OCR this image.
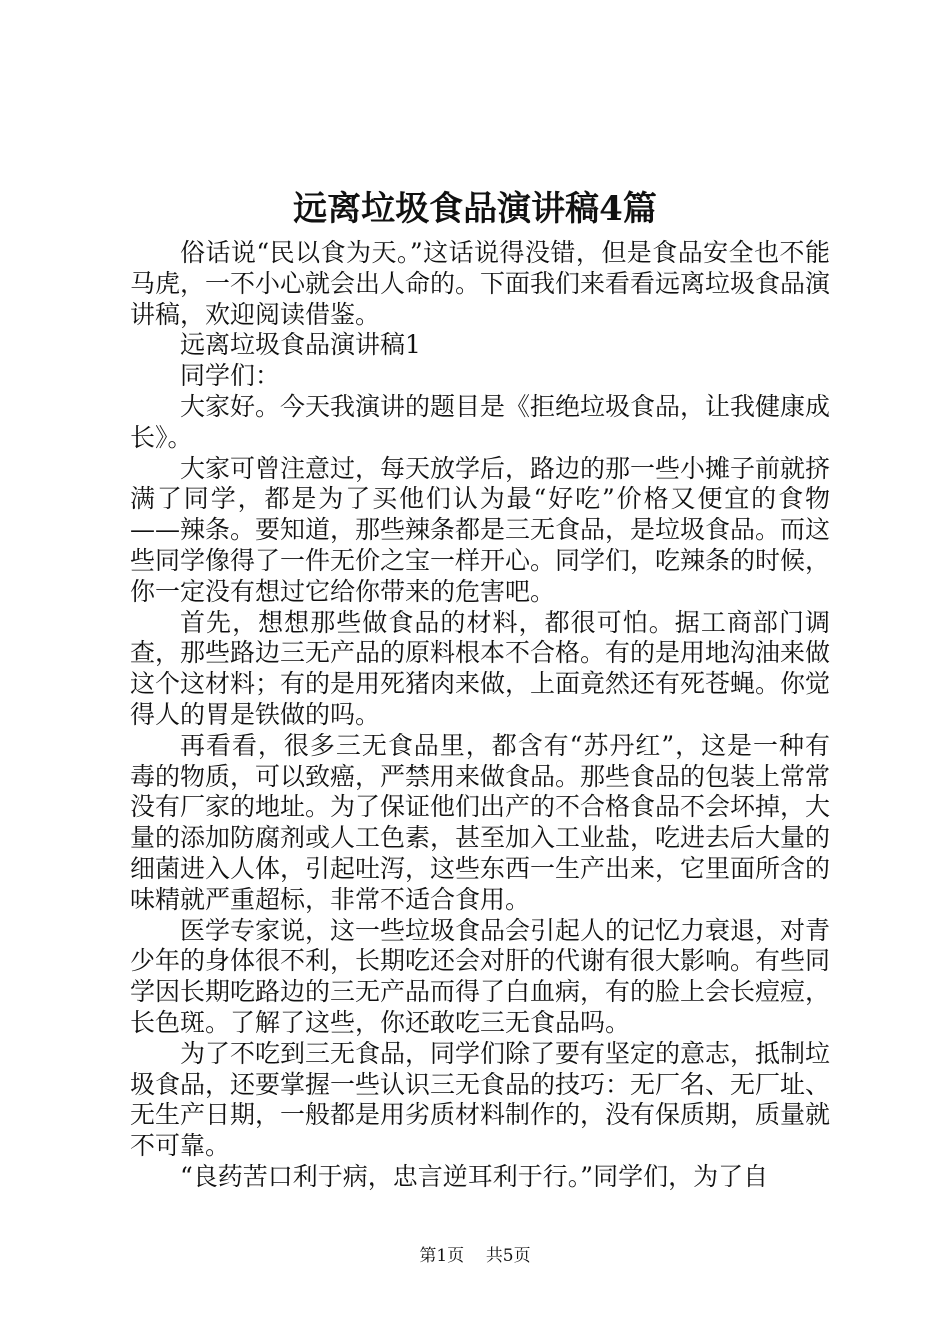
远离垃圾食品演讲稿4篇

俗话说“民以食为天。”这话说得没错，但是食品安全也不能马虎，一不小心就会出人命的。下面我们来看看远离垃圾食品演讲稿，欢迎阅读借鉴。

远离垃圾食品演讲稿1

同学们：

大家好。今天我演讲的题目是《拒绝垃圾食品，让我健康成长》。

大家可曾注意过，每天放学后，路边的那一些小摊子前就挤满了同学，都是为了买他们认为最“好吃”价格又便宜的食物——辣条。要知道，那些辣条都是三无食品，是垃圾食品。而这些同学像得了一件无价之宝一样开心。同学们，吃辣条的时候，你一定没有想过它给你带来的危害吧。

首先，想想那些做食品的材料，都很可怕。据工商部门调查，那些路边三无产品的原料根本不合格。有的是用地沟油来做这个这材料；有的是用死猪肉来做，上面竟然还有死苍蝇。你觉得人的胃是铁做的吗。

再看看，很多三无食品里，都含有“苏丹红”，这是一种有毒的物质，可以致癌，严禁用来做食品。那些食品的包装上常常没有厂家的地址。为了保证他们出产的不合格食品不会坏掉，大量的添加防腐剂或人工色素，甚至加入工业盐，吃进去后大量的细菌进入人体，引起吐泻，这些东西一生产出来，它里面所含的味精就严重超标，非常不适合食用。

医学专家说，这一些垃圾食品会引起人的记忆力衰退，对青少年的身体很不利，长期吃还会对肝的代谢有很大影响。有些同学因长期吃路边的三无产品而得了白血病，有的脸上会长痘痘，长色斑。了解了这些，你还敢吃三无食品吗。

为了不吃到三无食品，同学们除了要有坚定的意志，抵制垃圾食品，还要掌握一些认识三无食品的技巧：无厂名、无厂址、无生产日期，一般都是用劣质材料制作的，没有保质期，质量就不可靠。

“良药苦口利于病，忠言逆耳利于行。”同学们，为了自

第1页 共5页
